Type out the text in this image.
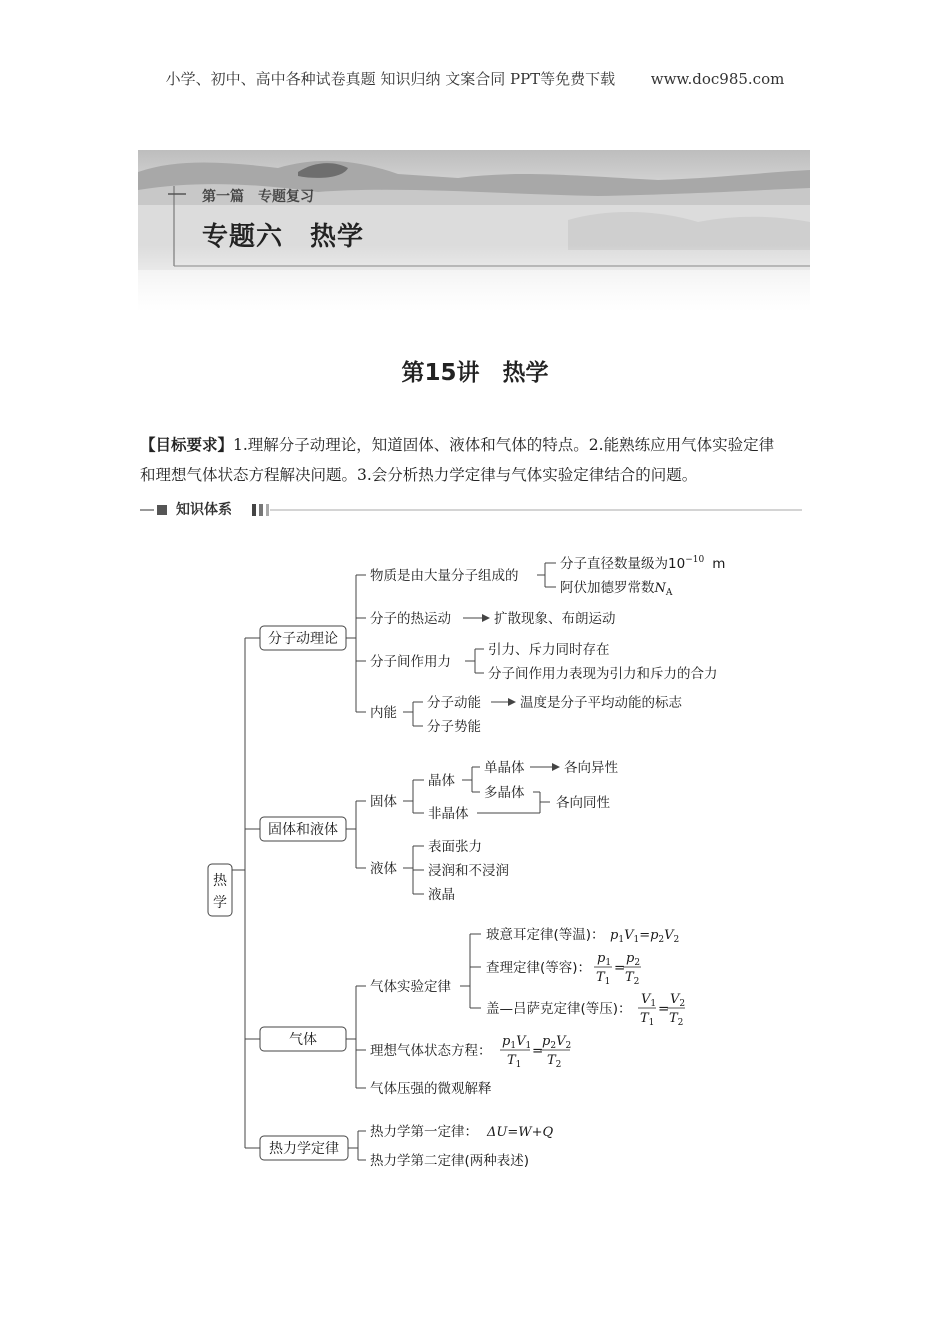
小学、初中、高中各种试卷真题 知识归纳 文案合同 PPT等免费下载 www.doc985.com
第一篇　专题复习
专题六　热学
第15讲　热学
【目标要求】1.理解分子动理论，知道固体、液体和气体的特点。2.能熟练应用气体实验定律
和理想气体状态方程解决问题。3.会分析热力学定律与气体实验定律结合的问题。
知识体系
热
学
分子动理论
固体和液体
气体
热力学定律
物质是由大量分子组成的
分子直径数量级为$10^{-10}$ m
阿伏加德罗常数$N_A$
分子的热运动	扩散现象、布朗运动
分子间作用力
引力、斥力同时存在
分子间作用力表现为引力和斥力的合力
内能
分子动能	温度是分子平均动能的标志
分子势能
固体
晶体
单晶体	各向异性
多晶体
非晶体
各向同性
液体
表面张力
浸润和不浸润
液晶
气体实验定律
玻意耳定律(等温)： $p_1V_1=p_2V_2$
查理定律(等容)：
$p_1$
$T_1$
=
$p_2$
$T_2$
盖—吕萨克定律(等压)：
$V_1$
$T_1$
=
$V_2$
$T_2$
理想气体状态方程：
$p_1V_1$
$T_1$
=
$p_2V_2$
$T_2$
气体压强的微观解释
热力学第一定律： ΔU=W+Q
热力学第二定律(两种表述)
